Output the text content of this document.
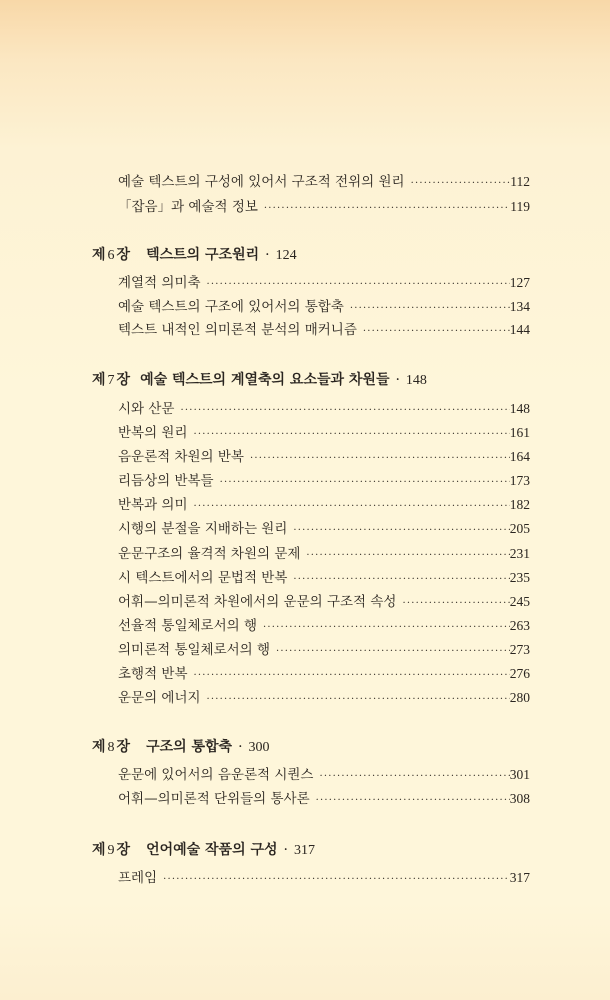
예술 텍스트의 구성에 있어서 구조적 전위의 원리 ·····	112
「잡음」과 예술적 정보 ·····	119
제 6 장 텍스트의 구조원리 · 124
계열적 의미축 ·····	127
예술 텍스트의 구조에 있어서의 통합축 ·····	134
텍스트 내적인 의미론적 분석의 매커니즘 ·····	144
제 7 장 예술 텍스트의 계열축의 요소들과 차원들 · 148
시와 산문 ·····	148
반복의 원리 ·····	161
음운론적 차원의 반복 ·····	164
리듬상의 반복들 ·····	173
반복과 의미 ·····	182
시행의 분절을 지배하는 원리 ·····	205
운문구조의 율격적 차원의 문제 ·····	231
시 텍스트에서의 문법적 반복 ·····	235
어휘—의미론적 차원에서의 운문의 구조적 속성 ·····	245
선율적 통일체로서의 행 ·····	263
의미론적 통일체로서의 행 ·····	273
초행적 반복 ·····	276
운문의 에너지 ·····	280
제 8 장 구조의 통합축 · 300
운문에 있어서의 음운론적 시퀀스 ·····	301
어휘—의미론적 단위들의 통사론 ·····	308
제 9 장 언어예술 작품의 구성 · 317
프레임 ·····	317
